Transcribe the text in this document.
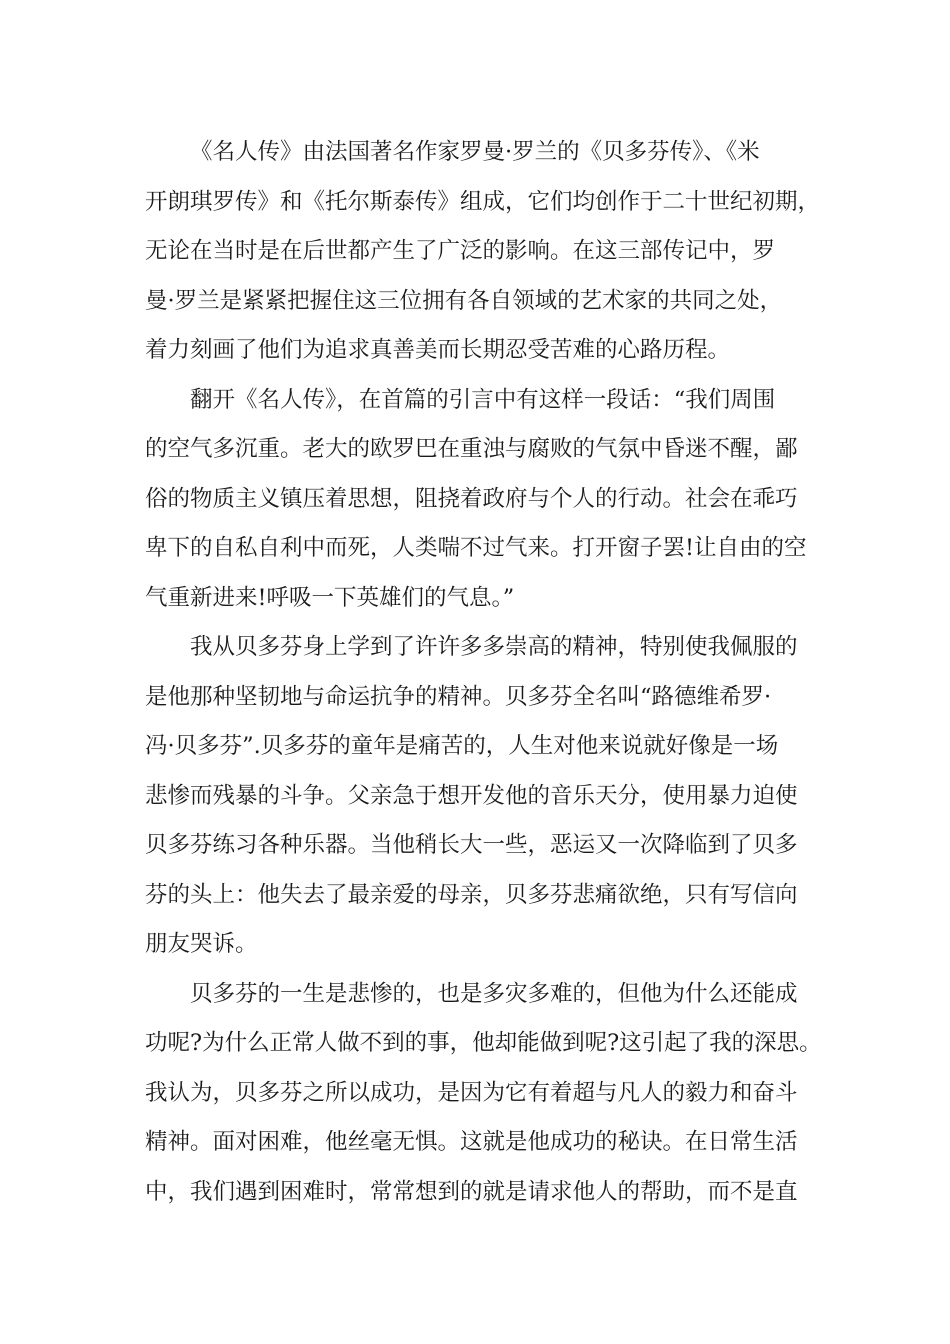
《名人传》由法国著名作家罗曼·罗兰的《贝多芬传》、《米
开朗琪罗传》和《托尔斯泰传》组成，它们均创作于二十世纪初期，
无论在当时是在后世都产生了广泛的影响。在这三部传记中，罗
曼·罗兰是紧紧把握住这三位拥有各自领域的艺术家的共同之处，
着力刻画了他们为追求真善美而长期忍受苦难的心路历程。
翻开《名人传》，在首篇的引言中有这样一段话：“我们周围
的空气多沉重。老大的欧罗巴在重浊与腐败的气氛中昏迷不醒，鄙
俗的物质主义镇压着思想，阻挠着政府与个人的行动。社会在乖巧
卑下的自私自利中而死，人类喘不过气来。打开窗子罢!让自由的空
气重新进来!呼吸一下英雄们的气息。”
我从贝多芬身上学到了许许多多崇高的精神，特别使我佩服的
是他那种坚韧地与命运抗争的精神。贝多芬全名叫“路德维希罗·
冯·贝多芬”.贝多芬的童年是痛苦的，人生对他来说就好像是一场
悲惨而残暴的斗争。父亲急于想开发他的音乐天分，使用暴力迫使
贝多芬练习各种乐器。当他稍长大一些，恶运又一次降临到了贝多
芬的头上：他失去了最亲爱的母亲，贝多芬悲痛欲绝，只有写信向
朋友哭诉。
贝多芬的一生是悲惨的，也是多灾多难的，但他为什么还能成
功呢?为什么正常人做不到的事，他却能做到呢?这引起了我的深思。
我认为，贝多芬之所以成功，是因为它有着超与凡人的毅力和奋斗
精神。面对困难，他丝毫无惧。这就是他成功的秘诀。在日常生活
中，我们遇到困难时，常常想到的就是请求他人的帮助，而不是直
